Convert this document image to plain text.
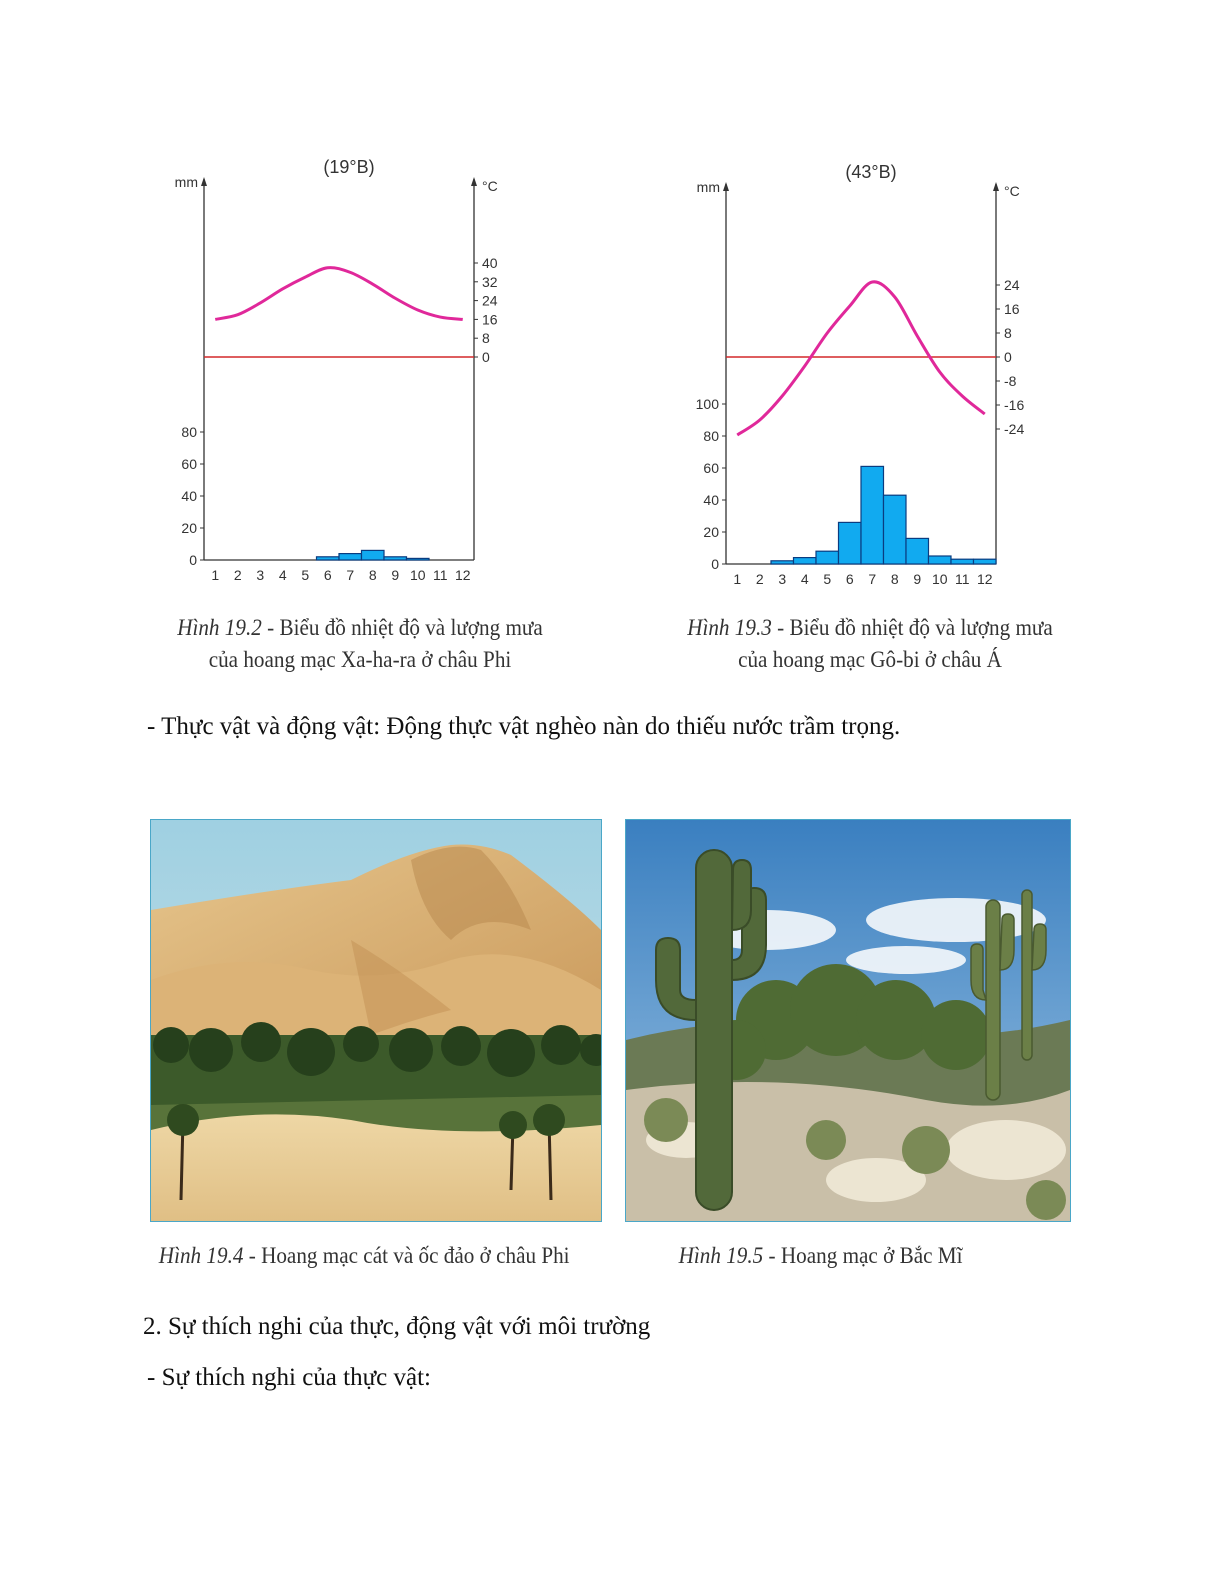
(19°B)
mm	°C
0
20
40
60
80
0
8
16
24
32
40
1 2 3 4 5 6 7 8 9 10 11 12
Hình 19.2 - Biểu đồ nhiệt độ và lượng mưa
của hoang mạc Xa-ha-ra ở châu Phi
(43°B)
mm	°C
0
20
40
60
80
100
-24
-16
-8
0
8
16
24
1 2 3 4 5 6 7 8 9 10 11 12
Hình 19.3 - Biểu đồ nhiệt độ và lượng mưa
của hoang mạc Gô-bi ở châu Á
- Thực vật và động vật: Động thực vật nghèo nàn do thiếu nước trầm trọng.
Hình 19.4 - Hoang mạc cát và ốc đảo ở châu Phi	Hình 19.5 - Hoang mạc ở Bắc Mĩ
2. Sự thích nghi của thực, động vật với môi trường
- Sự thích nghi của thực vật:
